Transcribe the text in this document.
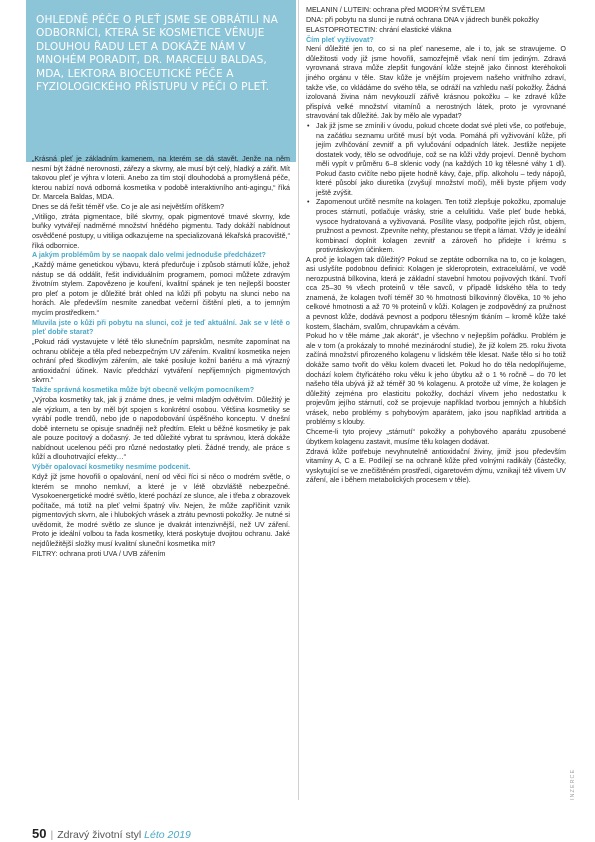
OHLEDNĚ PÉČE O PLEŤ JSME SE OBRÁTILI NA ODBORNÍCI, KTERÁ SE KOSMETICE VĚNUJE DLOUHOU ŘADU LET A DOKÁŽE NÁM V MNOHÉM PORADIT, DR. MARCELU BALDAS, MDA, LEKTORA BIOCEUTICKÉ PÉČE A FYZIOLOGICKÉHO PŘÍSTUPU V PÉČI O PLEŤ.

„Krásná pleť je základním kamenem, na kterém se dá stavět. Jenže na něm nesmí být žádné nerovnosti, zářezy a skvrny, ale musí být celý, hladký a zářit. Mít takovou pleť je výhra v loterii. Anebo za tím stojí dlouhodobá a promyšlená péče, kterou nabízí nová odborná kosmetika v podobě interaktivního anti-agingu,“ říká Dr. Marcela Baldas, MDA.

Dnes se dá řešit téměř vše. Co je ale asi největším oříškem?

„Vitiligo, ztráta pigmentace, bílé skvrny, opak pigmentové tmavé skvrny, kde buňky vytvářejí nadměrné množství hnědého pigmentu. Tady dokáží nabídnout osvědčené postupy, u vitiliga odkazujeme na specializovaná lékařská pracoviště,“ říká odbornice.

A jakým problémům by se naopak dalo velmi jednoduše předcházet?

„Každý máme genetickou výbavu, která předurčuje i způsob stárnutí kůže, jehož nástup se dá oddálit, řešit individuálním programem, pomoci můžete zdravým životním stylem. Zapovězeno je kouření, kvalitní spánek je ten nejlepší booster pro pleť a potom je důležité brát ohled na kůži při pobytu na slunci nebo na horách. Ale především nesmíte zanedbat večerní čištění pleti, a to jemným mycím prostředkem.“

Mluvila jste o kůži při pobytu na slunci, což je teď aktuální. Jak se v létě o pleť dobře starat?

„Pokud rádi vystavujete v létě tělo slunečním paprskům, nesmíte zapomínat na ochranu obličeje a těla před nebezpečným UV zářením. Kvalitní kosmetika nejen ochrání před škodlivým zářením, ale také posiluje kožní bariéru a má výrazný antioxidační účinek. Navíc předchází vytváření nepřijemných pigmentových skvrn.“

Takže správná kosmetika může být obecně velkým pomocníkem?

„Výroba kosmetiky tak, jak ji známe dnes, je velmi mladým odvětvím. Důležitý je ale výzkum, a ten by měl být spojen s konkrétní osobou. Většina kosmetiky se vyrábí podle trendů, nebo jde o napodobování úspěšného konceptu. V dnešní době internetu se opisuje snadněji než předtím. Efekt u běžné kosmetiky je pak ale pouze pocitový a dočasný. Je ted důležité vybrat tu správnou, která dokáže nabídnout ucelenou péči pro různé nedostatky pleti. Žádné trendy, ale práce s kůží a dlouhotrvající efekty…“

Výběr opalovací kosmetiky nesmíme podcenit.

Když již jsme hovořili o opalování, není od věci říci si něco o modrém světle, o kterém se mnoho nemluví, a které je v létě obzvláště nebezpečné. Vysokoenergetické modré světlo, které pochází ze slunce, ale i třeba z obrazovek počítače, má totiž na pleť velmi špatný vliv. Nejen, že může zapříčinit vznik pigmentových skvrn, ale i hlubokých vrásek a ztrátu pevnosti pokožky. Je nutné si uvědomit, že modré světlo ze slunce je dvakrát intenzivnější, než UV záření. Proto je ideální volbou ta řada kosmetiky, která poskytuje dvojitou ochranu. Jaké nejdůležitější složky musí kvalitní sluneční kosmetika mít?

FILTRY: ochrana proti UVA / UVB zářením

MELANIN / LUTEIN: ochrana před MODRÝM SVĚTLEM

DNA: při pobytu na slunci je nutná ochrana DNA v jádrech buněk pokožky

ELASTOPROTECTIN: chrání elastické vlákna

Čím pleť vyživovat?

Není důležité jen to, co si na pleť naneseme, ale i to, jak se stravujeme. O důležitosti vody již jsme hovořili, samozřejmě však není tím jediným. Zdravá vyrovnaná strava může zlepšit fungování kůže stejně jako činnost kteréhokoli jiného orgánu v těle. Stav kůže je vnějším projevem našeho vnitřního zdraví, takže vše, co vkládáme do svého těla, se odráží na vzhledu naší pokožky. Žádná izolovaná živina nám nevykouzlí zářivě krásnou pokožku – ke zdravé kůže přispívá velké množství vitamínů a nerostných látek, proto je vyrovnané stravování tak důležité. Jak by mělo ale vypadat?

• Jak již jsme se zmínili v úvodu, pokud chcete dodat své pleti vše, co potřebuje, na začátku seznamu určitě musí být voda. Pomáhá při vyživování kůže, při jejím zvlhčování zevnitř a při vylučování odpadních látek. Jestliže nepijete dostatek vody, tělo se odvodňuje, což se na kůži vždy projeví. Denně bychom měli vypít v průměru 6–8 sklenic vody (na každých 10 kg tělesné váhy 1 dl). Pokud často cvičíte nebo pijete hodně kávy, čaje, příp. alkoholu – tedy nápojů, které působí jako diuretika (zvyšují množství moči), měli byste přijem vody ještě zvýšit.
• Zapomenout určitě nesmíte na kolagen. Ten totiž zlepšuje pokožku, zpomaluje proces stárnutí, potlačuje vrásky, strie a celulitidu. Vaše pleť bude hebká, vysoce hydratovaná a vyživovaná. Posílíte vlasy, podpoříte jejich růst, objem, pružnost a pevnost. Zpevníte nehty, přestanou se třepit a lámat. Vždy je ideální kombinací doplnit kolagen zevnitř a zároveň ho přidejte i krému s protivráskovým účinkem.

A proč je kolagen tak důležitý? Pokud se zeptáte odborníka na to, co je kolagen, asi uslyšíte podobnou definici: Kolagen je skleroprotein, extracelulární, ve vodě nerozpustná bílkovina, která je základní stavební hmotou pojivových tkání. Tvoří cca 25–30 % všech proteinů v těle savců, v případě lidského těla to tedy znamená, že kolagen tvoří téměř 30 % hmotnosti bílkovinný člověka, 10 % jeho celkové hmotnosti a až 70 % proteinů v kůži. Kolagen je zodpovědný za pružnost a pevnost kůže, dodává pevnost a podporu tělesným tkáním – kromě kůže také kostem, šlachám, svalům, chrupavkám a cévám.

Pokud ho v těle máme „tak akorát“, je všechno v nejlepším pořádku. Problém je ale v tom (a prokázaly to mnohé mezinárodní studie), že již kolem 25. roku života začíná množství přirozeného kolagenu v lidském těle klesat. Naše tělo si ho totiž dokáže samo tvořit do věku kolem dvaceti let. Pokud ho do těla nedoplňujeme, dochází kolem čtyřicátého roku věku k jeho úbytku až o 1 % ročně – do 70 let našeho těla ubývá již až téměř 30 % kolagenu. A protože už víme, že kolagen je důležitý zejména pro elasticitu pokožky, dochází vlivem jeho nedostatku k projevům jejího stárnutí, což se projevuje například tvorbou jemných a hlubších vrásek, nebo problémy s pohybovým aparátem, jako jsou například artritida a problémy s klouby.

Chceme-li tyto projevy „stárnutí“ pokožky a pohybového aparátu zpusobené úbytkem kolagenu zastavit, musíme tělu kolagen dodávat.

Zdravá kůže potřebuje nevyhnutelně antioxidační živiny, jimiž jsou především vitamíny A, C a E. Podílejí se na ochraně kůže před volnými radikály (částečky, vyskytující se ve znečištěném prostředí, cigaretovém dýmu, vznikají též vlivem UV záření, ale i během metabolických procesem v těle).

50 | Zdravý životní styl Léto 2019
INZERCE
